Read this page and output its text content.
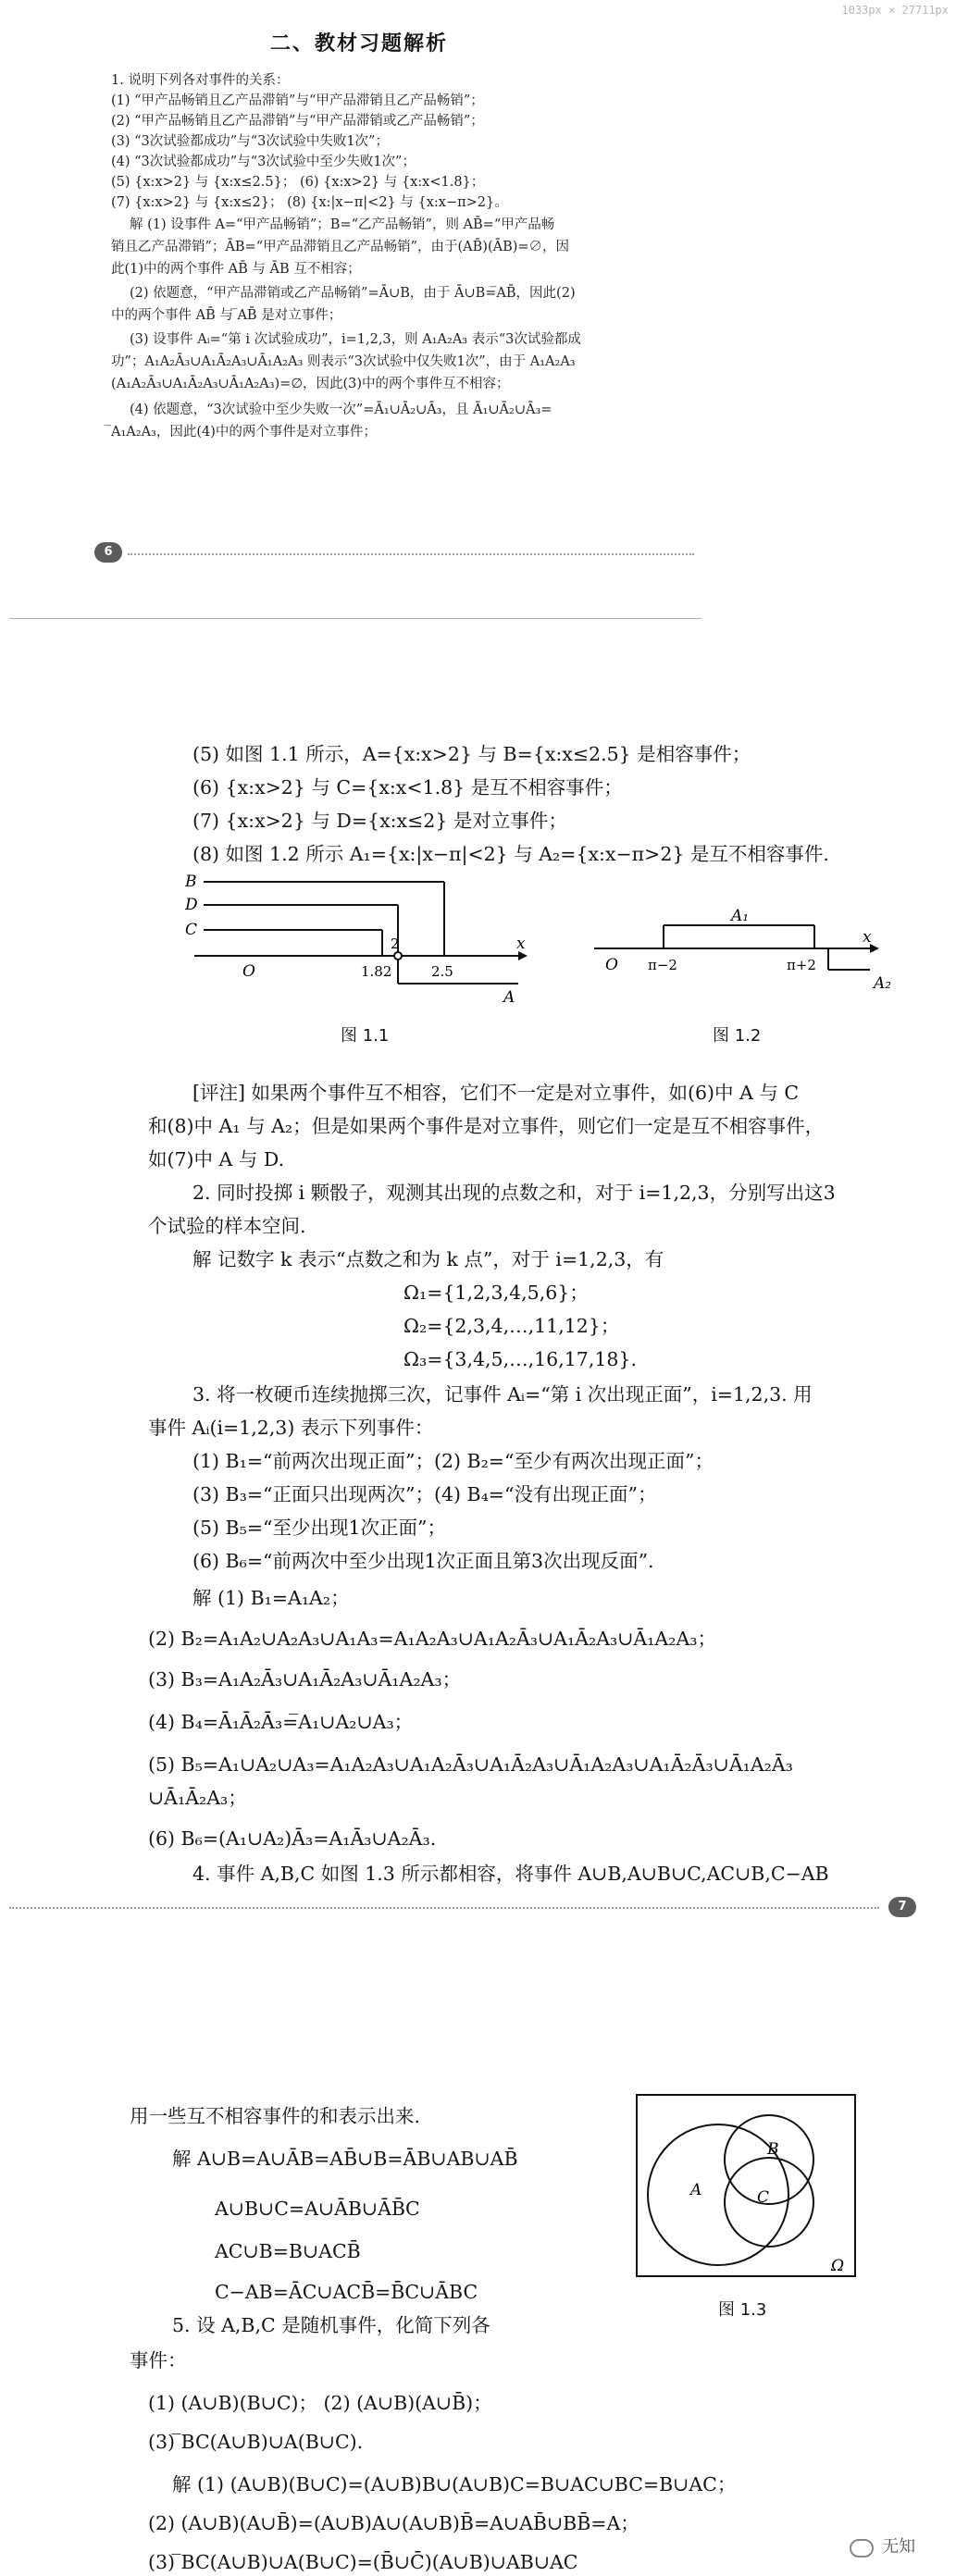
1033px × 27711px
二、教材习题解析
1. 说明下列各对事件的关系：
(1) “甲产品畅销且乙产品滞销”与“甲产品滞销且乙产品畅销”；
(2) “甲产品畅销且乙产品滞销”与“甲产品滞销或乙产品畅销”；
(3) “3次试验都成功”与“3次试验中失败1次”；
(4) “3次试验都成功”与“3次试验中至少失败1次”；
(5) {x:x>2} 与 {x:x≤2.5}； (6) {x:x>2} 与 {x:x<1.8}；
(7) {x:x>2} 与 {x:x≤2}； (8) {x:|x−π|<2} 与 {x:x−π>2}。
解 (1) 设事件 A=“甲产品畅销”；B=“乙产品畅销”，则 AB̄=“甲产品畅
销且乙产品滞销”；ĀB=“甲产品滞销且乙产品畅销”，由于(AB̄)(ĀB)=∅，因
此(1)中的两个事件 AB̄ 与 ĀB 互不相容；
(2) 依题意，“甲产品滞销或乙产品畅销”=Ā∪B，由于 Ā∪B=̅AB̄，因此(2)
中的两个事件 AB̄ 与 ̅AB̄ 是对立事件；
(3) 设事件 Aᵢ=“第 i 次试验成功”，i=1,2,3，则 A₁A₂A₃ 表示“3次试验都成
功”；A₁A₂Ā₃∪A₁Ā₂A₃∪Ā₁A₂A₃ 则表示“3次试验中仅失败1次”，由于 A₁A₂A₃
(A₁A₂Ā₃∪A₁Ā₂A₃∪Ā₁A₂A₃)=∅，因此(3)中的两个事件互不相容；
(4) 依题意，“3次试验中至少失败一次”=Ā₁∪Ā₂∪Ā₃，且 Ā₁∪Ā₂∪Ā₃=
̅A₁A₂A₃，因此(4)中的两个事件是对立事件；
6
(5) 如图 1.1 所示，A={x:x>2} 与 B={x:x≤2.5} 是相容事件；
(6) {x:x>2} 与 C={x:x<1.8} 是互不相容事件；
(7) {x:x>2} 与 D={x:x≤2} 是对立事件；
(8) 如图 1.2 所示 A₁={x:|x−π|<2} 与 A₂={x:x−π>2} 是互不相容事件.
B
D
C
O	1.82
2
2.5
x
A
A₁
O π−2	π+2
x
A₂
图 1.1	图 1.2
[评注] 如果两个事件互不相容，它们不一定是对立事件，如(6)中 A 与 C
和(8)中 A₁ 与 A₂；但是如果两个事件是对立事件，则它们一定是互不相容事件，
如(7)中 A 与 D.
2. 同时投掷 i 颗骰子，观测其出现的点数之和，对于 i=1,2,3，分别写出这3
个试验的样本空间.
解 记数字 k 表示“点数之和为 k 点”，对于 i=1,2,3，有
Ω₁={1,2,3,4,5,6}；
Ω₂={2,3,4,…,11,12}；
Ω₃={3,4,5,…,16,17,18}.
3. 将一枚硬币连续抛掷三次，记事件 Aᵢ=“第 i 次出现正面”，i=1,2,3. 用
事件 Aᵢ(i=1,2,3) 表示下列事件：
(1) B₁=“前两次出现正面”；(2) B₂=“至少有两次出现正面”；
(3) B₃=“正面只出现两次”；(4) B₄=“没有出现正面”；
(5) B₅=“至少出现1次正面”；
(6) B₆=“前两次中至少出现1次正面且第3次出现反面”.
解 (1) B₁=A₁A₂；
(2) B₂=A₁A₂∪A₂A₃∪A₁A₃=A₁A₂A₃∪A₁A₂Ā₃∪A₁Ā₂A₃∪Ā₁A₂A₃；
(3) B₃=A₁A₂Ā₃∪A₁Ā₂A₃∪Ā₁A₂A₃；
(4) B₄=Ā₁Ā₂Ā₃=̅A₁∪A₂∪A₃；
(5) B₅=A₁∪A₂∪A₃=A₁A₂A₃∪A₁A₂Ā₃∪A₁Ā₂A₃∪Ā₁A₂A₃∪A₁Ā₂Ā₃∪Ā₁A₂Ā₃
∪Ā₁Ā₂A₃；
(6) B₆=(A₁∪A₂)Ā₃=A₁Ā₃∪A₂Ā₃.
4. 事件 A,B,C 如图 1.3 所示都相容，将事件 A∪B,A∪B∪C,AC∪B,C−AB
7
用一些互不相容事件的和表示出来.
解 A∪B=A∪ĀB=AB̄∪B=ĀB∪AB∪AB̄
A∪B∪C=A∪ĀB∪ĀB̄C
AC∪B=B∪ACB̄
C−AB=ĀC∪ACB̄=B̄C∪ĀBC
5. 设 A,B,C 是随机事件，化简下列各
事件：
(1) (A∪B)(B∪C)； (2) (A∪B)(A∪B̄)；
(3) ̅BC(A∪B)∪A(B∪C).
解 (1) (A∪B)(B∪C)=(A∪B)B∪(A∪B)C=B∪AC∪BC=B∪AC；
(2) (A∪B)(A∪B̄)=(A∪B)A∪(A∪B)B̄=A∪AB̄∪BB̄=A；
(3) ̅BC(A∪B)∪A(B∪C)=(B̄∪C̄)(A∪B)∪AB∪AC
A
B
C
Ω
图 1.3
无知
